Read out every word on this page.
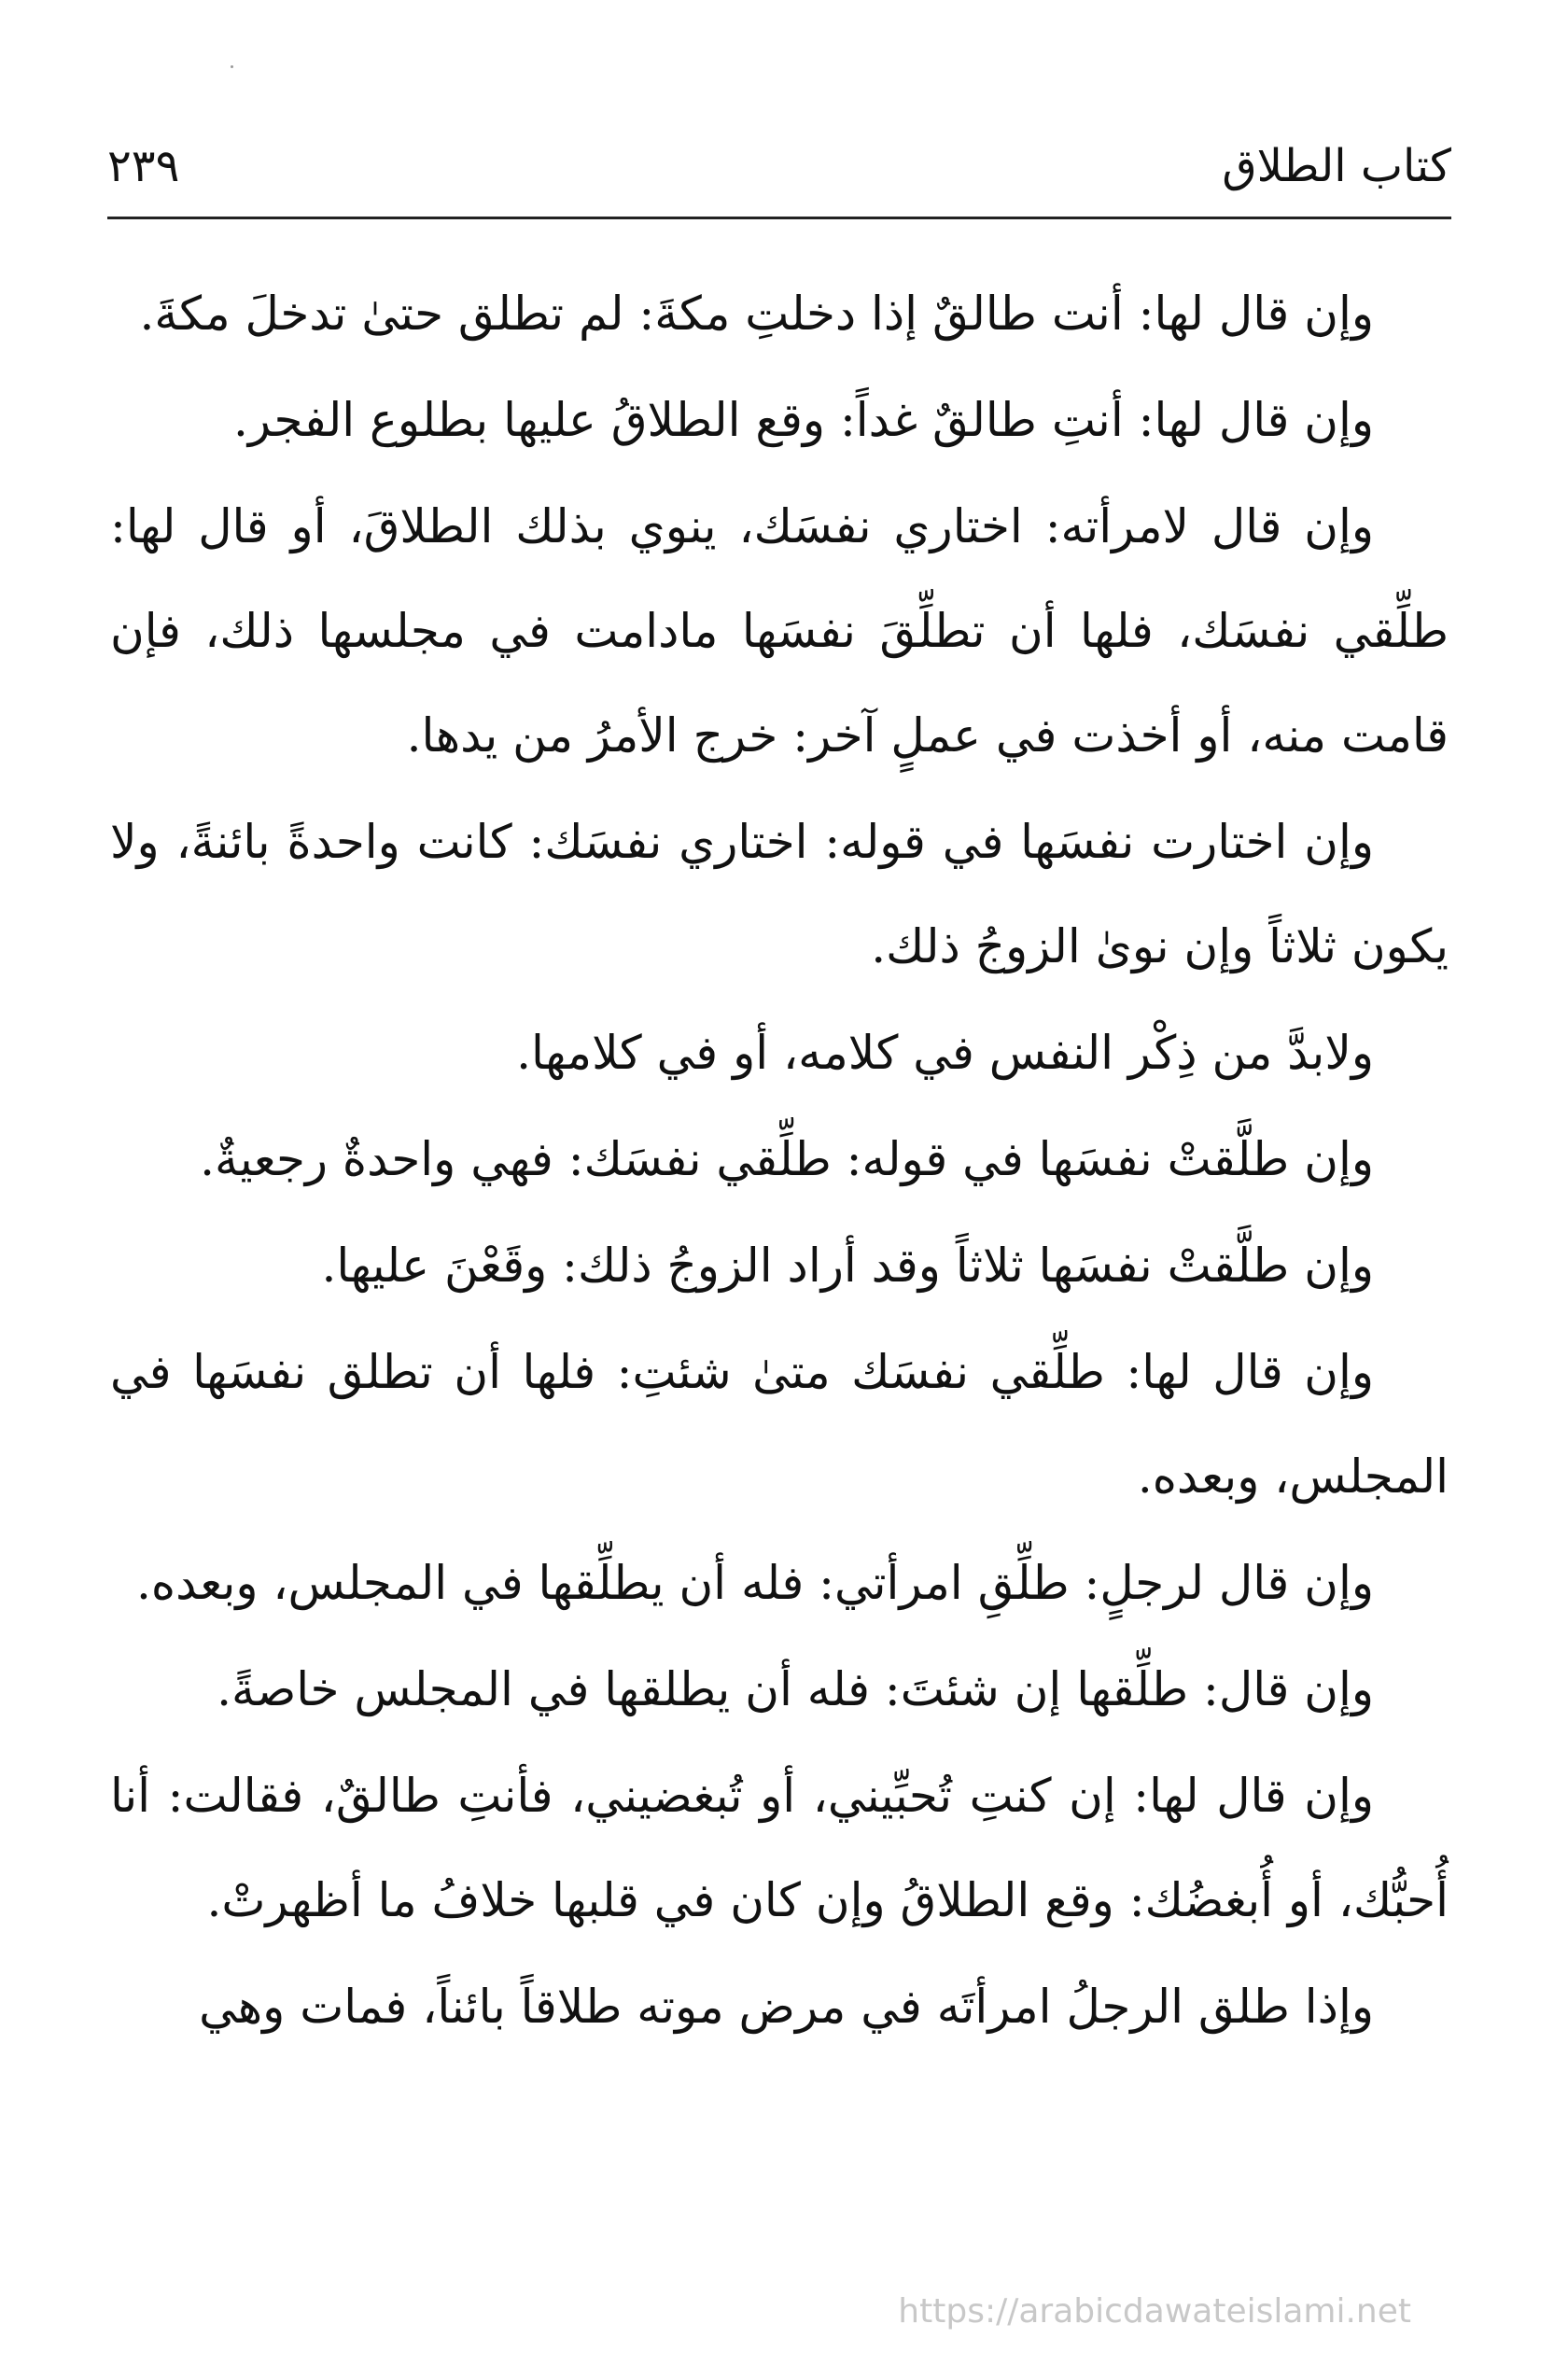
كتاب الطلاق
٢٣٩

وإن قال لها: أنت طالقٌ إذا دخلتِ مكةَ: لم تطلق حتىٰ تدخلَ مكةَ.

وإن قال لها: أنتِ طالقٌ غداً: وقع الطلاقُ عليها بطلوع الفجر.

وإن قال لامرأته: اختاري نفسَك، ينوي بذلك الطلاقَ، أو قال لها: طلِّقي نفسَك، فلها أن تطلِّقَ نفسَها مادامت في مجلسها ذلك، فإن قامت منه، أو أخذت في عملٍ آخر: خرج الأمرُ من يدها.

وإن اختارت نفسَها في قوله: اختاري نفسَك: كانت واحدةً بائنةً، ولا يكون ثلاثاً وإن نوىٰ الزوجُ ذلك.

ولابدَّ من ذِكْر النفس في كلامه، أو في كلامها.

وإن طلَّقتْ نفسَها في قوله: طلِّقي نفسَك: فهي واحدةٌ رجعيةٌ.

وإن طلَّقتْ نفسَها ثلاثاً وقد أراد الزوجُ ذلك: وقَعْنَ عليها.

وإن قال لها: طلِّقي نفسَك متىٰ شئتِ: فلها أن تطلق نفسَها في المجلس، وبعده.

وإن قال لرجلٍ: طلِّقِ امرأتي: فله أن يطلِّقها في المجلس، وبعده.

وإن قال: طلِّقها إن شئتَ: فله أن يطلقها في المجلس خاصةً.

وإن قال لها: إن كنتِ تُحبِّيني، أو تُبغضيني، فأنتِ طالقٌ، فقالت: أنا أُحبُّك، أو أُبغضُك: وقع الطلاقُ وإن كان في قلبها خلافُ ما أظهرتْ.

وإذا طلق الرجلُ امرأتَه في مرض موته طلاقاً بائناً، فمات وهي

https://arabicdawateislami.net
